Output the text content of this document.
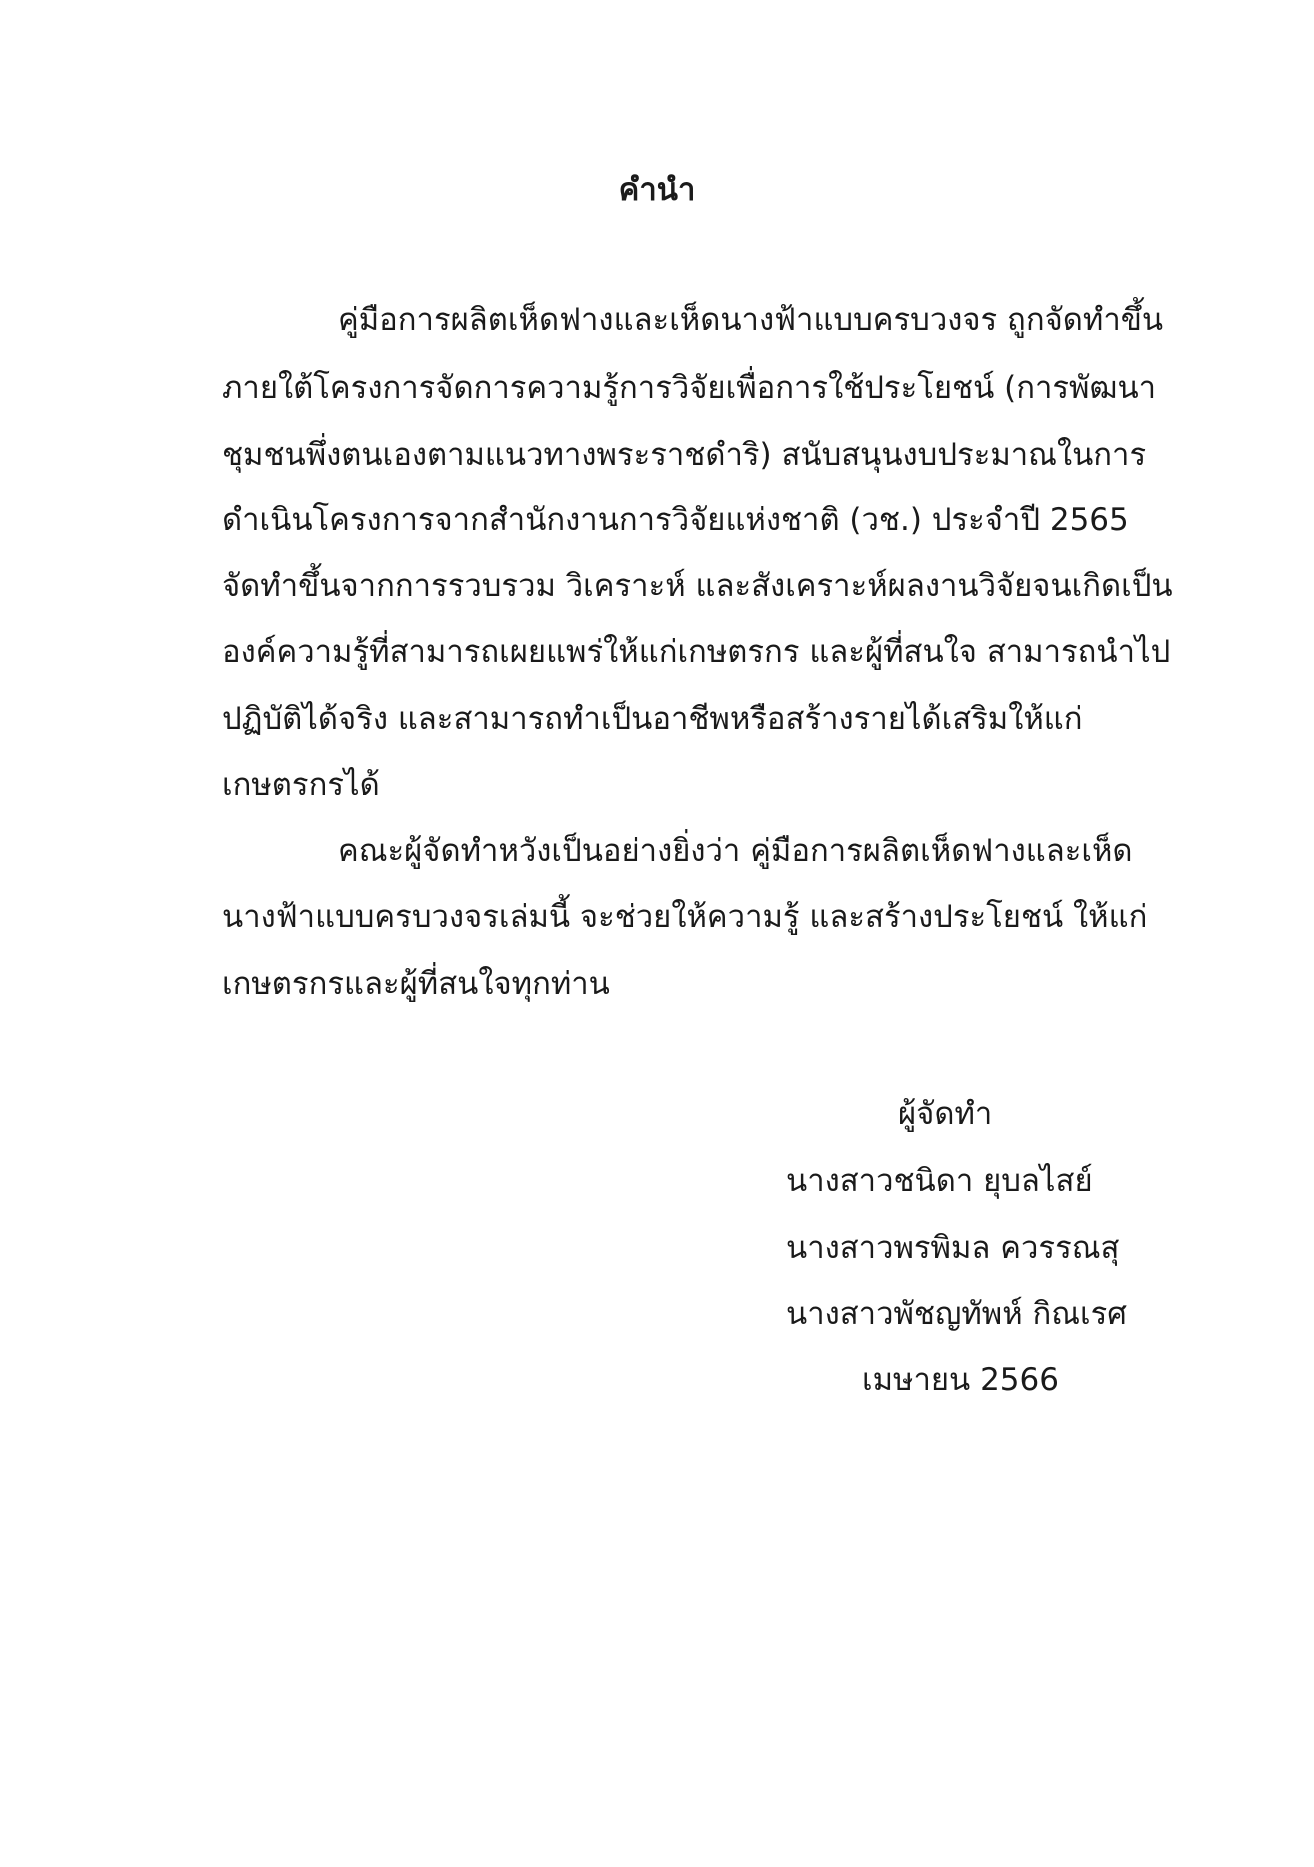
คำนำ

คู่มือการผลิตเห็ดฟางและเห็ดนางฟ้าแบบครบวงจร ถูกจัดทำขึ้น

ภายใต้โครงการจัดการความรู้การวิจัยเพื่อการใช้ประโยชน์ (การพัฒนา

ชุมชนพึ่งตนเองตามแนวทางพระราชดำริ) สนับสนุนงบประมาณในการ

ดำเนินโครงการจากสำนักงานการวิจัยแห่งชาติ (วช.) ประจำปี 2565

จัดทำขึ้นจากการรวบรวม วิเคราะห์ และสังเคราะห์ผลงานวิจัยจนเกิดเป็น

องค์ความรู้ที่สามารถเผยแพร่ให้แก่เกษตรกร และผู้ที่สนใจ สามารถนำไป

ปฏิบัติได้จริง และสามารถทำเป็นอาชีพหรือสร้างรายได้เสริมให้แก่

เกษตรกรได้

คณะผู้จัดทำหวังเป็นอย่างยิ่งว่า คู่มือการผลิตเห็ดฟางและเห็ด

นางฟ้าแบบครบวงจรเล่มนี้ จะช่วยให้ความรู้ และสร้างประโยชน์ ให้แก่

เกษตรกรและผู้ที่สนใจทุกท่าน

ผู้จัดทำ

นางสาวชนิดา ยุบลไสย์

นางสาวพรพิมล ควรรณสุ

นางสาวพัชญทัพห์ กิณเรศ

เมษายน 2566
